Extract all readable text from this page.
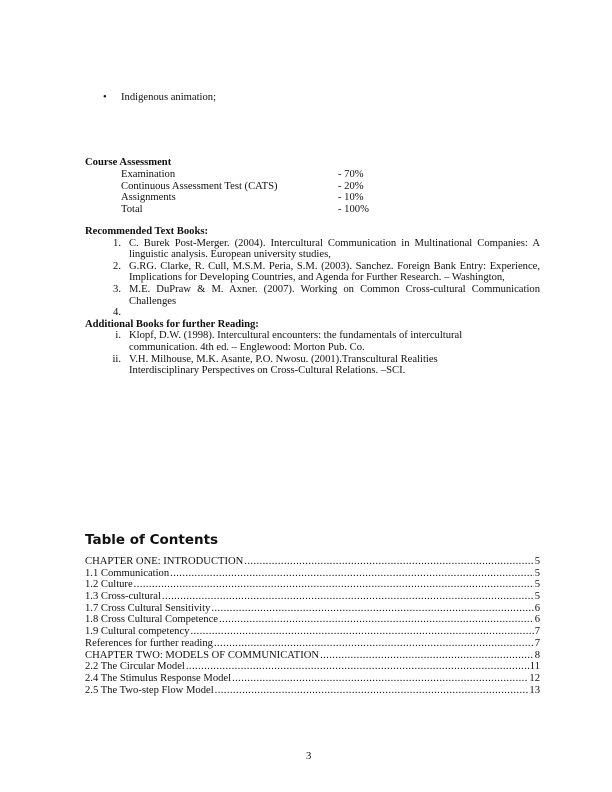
•	Indigenous animation;
Course Assessment
Examination	- 70%
Continuous Assessment Test (CATS)	- 20%
Assignments	- 10%
Total	- 100%
Recommended Text Books:
1. C. Burek Post-Merger. (2004). Intercultural Communication in Multinational Companies: A linguistic analysis. European university studies,
2. G.RG. Clarke, R. Cull, M.S.M. Peria, S.M. (2003). Sanchez. Foreign Bank Entry: Experience, Implications for Developing Countries, and Agenda for Further Research. – Washington,
3. M.E. DuPraw & M. Axner. (2007). Working on Common Cross-cultural Communication Challenges
4.
Additional Books for further Reading:
i. Klopf, D.W. (1998). Intercultural encounters: the fundamentals of intercultural communication. 4th ed. – Englewood: Morton Pub. Co.
ii. V.H. Milhouse, M.K. Asante, P.O. Nwosu. (2001).Transcultural Realities Interdisciplinary Perspectives on Cross-Cultural Relations. –SCI.
Table of Contents
CHAPTER ONE: INTRODUCTION .....	5
1.1 Communication .....	5
1.2 Culture .....	5
1.3 Cross-cultural .....	5
1.7 Cross Cultural Sensitivity .....	6
1.8 Cross Cultural Competence .....	6
1.9 Cultural competency .....	7
References for further reading .....	7
CHAPTER TWO: MODELS OF COMMUNICATION .....	8
2.2 The Circular Model .....	11
2.4 The Stimulus Response Model .....	12
2.5 The Two-step Flow Model .....	13
3
